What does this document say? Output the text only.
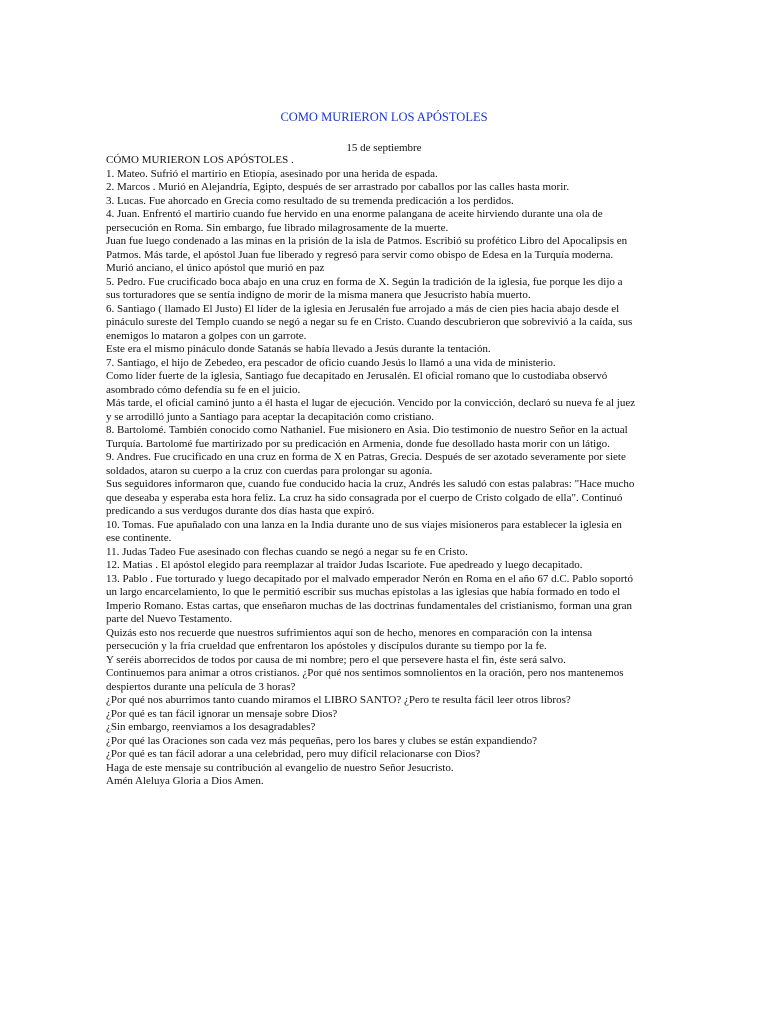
COMO MURIERON LOS APÓSTOLES
15 de septiembre
CÓMO MURIERON LOS APÓSTOLES .
1. Mateo. Sufrió el martirio en Etiopía, asesinado por una herida de espada.
2. Marcos . Murió en Alejandría, Egipto, después de ser arrastrado por caballos por las calles hasta morir.
3. Lucas. Fue ahorcado en Grecia como resultado de su tremenda predicación a los perdidos.
4. Juan. Enfrentó el martirio cuando fue hervido en una enorme palangana de aceite hirviendo durante una ola de persecución en Roma. Sin embargo, fue librado milagrosamente de la muerte.
Juan fue luego condenado a las minas en la prisión de la isla de Patmos. Escribió su profético Libro del Apocalipsis en Patmos. Más tarde, el apóstol Juan fue liberado y regresó para servir como obispo de Edesa en la Turquía moderna. Murió anciano, el único apóstol que murió en paz
5. Pedro. Fue crucificado boca abajo en una cruz en forma de X. Según la tradición de la iglesia, fue porque les dijo a sus torturadores que se sentía indigno de morir de la misma manera que Jesucristo había muerto.
6. Santiago ( llamado El Justo) El líder de la iglesia en Jerusalén fue arrojado a más de cien pies hacia abajo desde el pináculo sureste del Templo cuando se negó a negar su fe en Cristo. Cuando descubrieron que sobrevivió a la caída, sus enemigos lo mataron a golpes con un garrote.
Este era el mismo pináculo donde Satanás se había llevado a Jesús durante la tentación.
7. Santiago, el hijo de Zebedeo, era pescador de oficio cuando Jesús lo llamó a una vida de ministerio.
Como líder fuerte de la iglesia, Santiago fue decapitado en Jerusalén. El oficial romano que lo custodiaba observó asombrado cómo defendía su fe en el juicio.
Más tarde, el oficial caminó junto a él hasta el lugar de ejecución. Vencido por la convicción, declaró su nueva fe al juez y se arrodilló junto a Santiago para aceptar la decapitación como cristiano.
8. Bartolomé. También conocido como Nathaniel. Fue misionero en Asia. Dio testimonio de nuestro Señor en la actual Turquía. Bartolomé fue martirizado por su predicación en Armenia, donde fue desollado hasta morir con un látigo.
9. Andres. Fue crucificado en una cruz en forma de X en Patras, Grecia. Después de ser azotado severamente por siete soldados, ataron su cuerpo a la cruz con cuerdas para prolongar su agonía.
Sus seguidores informaron que, cuando fue conducido hacia la cruz, Andrés les saludó con estas palabras: "Hace mucho que deseaba y esperaba esta hora feliz. La cruz ha sido consagrada por el cuerpo de Cristo colgado de ella". Continuó predicando a sus verdugos durante dos días hasta que expiró.
10. Tomas. Fue apuñalado con una lanza en la India durante uno de sus viajes misioneros para establecer la iglesia en ese continente.
11. Judas Tadeo Fue asesinado con flechas cuando se negó a negar su fe en Cristo.
12. Matias . El apóstol elegido para reemplazar al traidor Judas Iscariote. Fue apedreado y luego decapitado.
13. Pablo . Fue torturado y luego decapitado por el malvado emperador Nerón en Roma en el año 67 d.C. Pablo soportó un largo encarcelamiento, lo que le permitió escribir sus muchas epístolas a las iglesias que había formado en todo el Imperio Romano. Estas cartas, que enseñaron muchas de las doctrinas fundamentales del cristianismo, forman una gran parte del Nuevo Testamento.
Quizás esto nos recuerde que nuestros sufrimientos aquí son de hecho, menores en comparación con la intensa persecución y la fría crueldad que enfrentaron los apóstoles y discípulos durante su tiempo por la fe.
Y seréis aborrecidos de todos por causa de mi nombre; pero el que persevere hasta el fin, éste será salvo.
Continuemos para animar a otros cristianos. ¿Por qué nos sentimos somnolientos en la oración, pero nos mantenemos despiertos durante una película de 3 horas?
¿Por qué nos aburrimos tanto cuando miramos el LIBRO SANTO? ¿Pero te resulta fácil leer otros libros?
¿Por qué es tan fácil ignorar un mensaje sobre Dios?
¿Sin embargo, reenviamos a los desagradables?
¿Por qué las Oraciones son cada vez más pequeñas, pero los bares y clubes se están expandiendo?
¿Por qué es tan fácil adorar a una celebridad, pero muy difícil relacionarse con Dios?
Haga de este mensaje su contribución al evangelio de nuestro Señor Jesucristo.
Amén Aleluya Gloria a Dios Amen.
